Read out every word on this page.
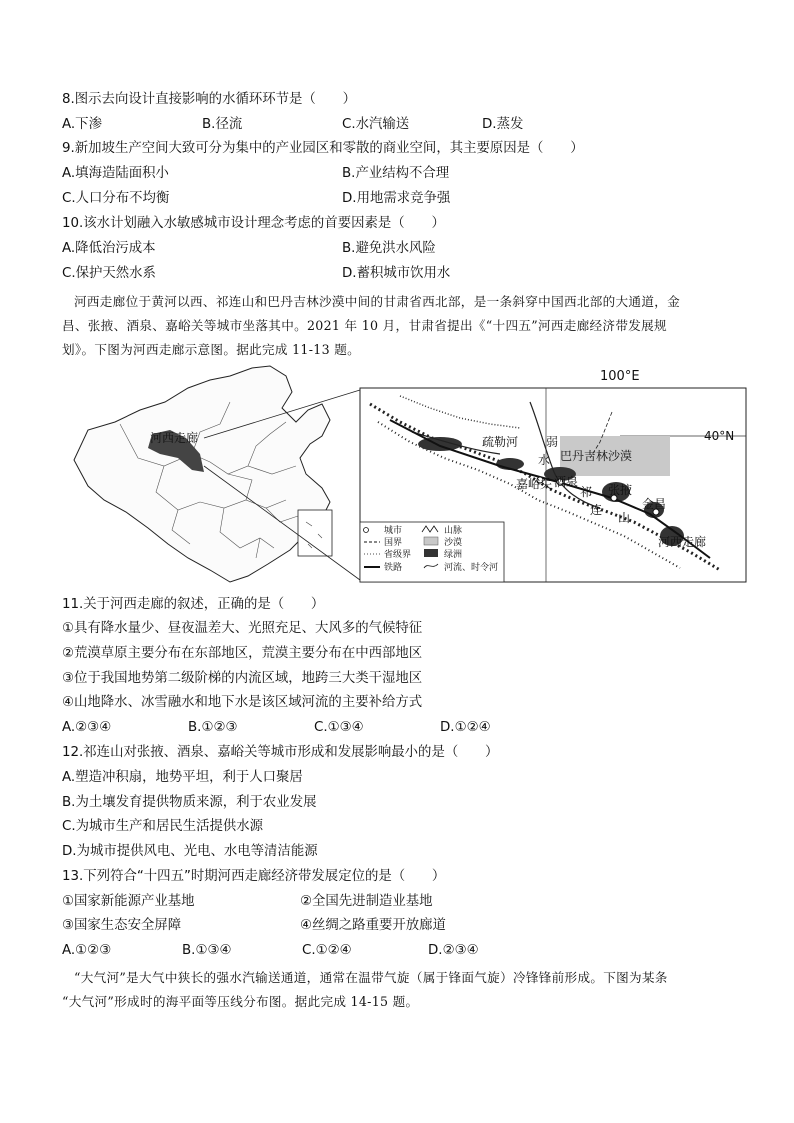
8.图示去向设计直接影响的水循环环节是（　　）
A.下渗	B.径流	C.水汽输送	D.蒸发
9.新加坡生产空间大致可分为集中的产业园区和零散的商业空间，其主要原因是（　　）
A.填海造陆面积小	B.产业结构不合理
C.人口分布不均衡	D.用地需求竞争强
10.该水计划融入水敏感城市设计理念考虑的首要因素是（　　）
A.降低治污成本	B.避免洪水风险
C.保护天然水系	D.蓄积城市饮用水
河西走廊位于黄河以西、祁连山和巴丹吉林沙漠中间的甘肃省西北部，是一条斜穿中国西北部的大通道，金
昌、张掖、酒泉、嘉峪关等城市坐落其中。2021 年 10 月，甘肃省提出《“十四五”河西走廊经济带发展规
划》。下图为河西走廊示意图。据此完成 11-13 题。
河西走廊
100°E
40°N
疏勒河 弱
水 巴丹吉林沙漠
嘉峪关 酒泉
祁
连
张掖
金昌
山
河西走廊
城市	山脉
国界	沙漠
省级界	绿洲
铁路	河流、时令河
11.关于河西走廊的叙述，正确的是（　　）
①具有降水量少、昼夜温差大、光照充足、大风多的气候特征
②荒漠草原主要分布在东部地区，荒漠主要分布在中西部地区
③位于我国地势第二级阶梯的内流区域，地跨三大类干湿地区
④山地降水、冰雪融水和地下水是该区域河流的主要补给方式
A.②③④	B.①②③	C.①③④	D.①②④
12.祁连山对张掖、酒泉、嘉峪关等城市形成和发展影响最小的是（　　）
A.塑造冲积扇，地势平坦，利于人口聚居
B.为土壤发育提供物质来源，利于农业发展
C.为城市生产和居民生活提供水源
D.为城市提供风电、光电、水电等清洁能源
13.下列符合“十四五”时期河西走廊经济带发展定位的是（　　）
①国家新能源产业基地	②全国先进制造业基地
③国家生态安全屏障	④丝绸之路重要开放廊道
A.①②③	B.①③④	C.①②④	D.②③④
“大气河”是大气中狭长的强水汽输送通道，通常在温带气旋（属于锋面气旋）冷锋锋前形成。下图为某条
“大气河”形成时的海平面等压线分布图。据此完成 14-15 题。
